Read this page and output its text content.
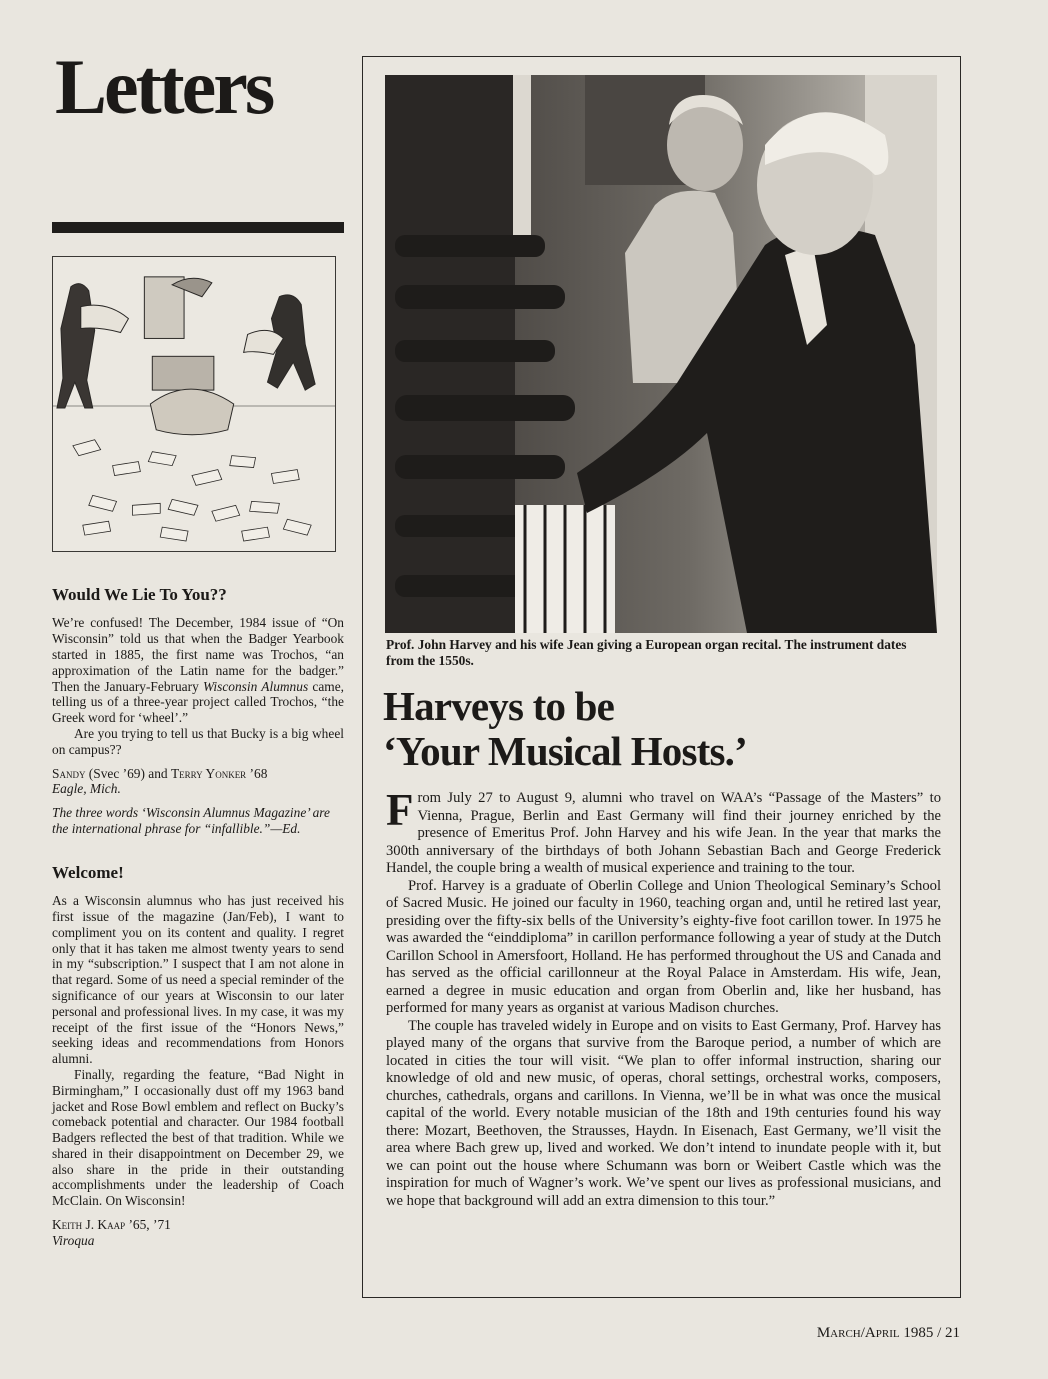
Letters
Would We Lie To You??

We’re confused! The December, 1984 issue of “On Wisconsin” told us that when the Badger Yearbook started in 1885, the first name was Trochos, “an approximation of the Latin name for the badger.” Then the January-February Wisconsin Alumnus came, telling us of a three-year project called Trochos, “the Greek word for ‘wheel’.”

Are you trying to tell us that Bucky is a big wheel on campus??

Sandy (Svec ’69) and Terry Yonker ’68

Eagle, Mich.

The three words ‘Wisconsin Alumnus Magazine’ are the international phrase for “infallible.”—Ed.

Welcome!

As a Wisconsin alumnus who has just received his first issue of the magazine (Jan/Feb), I want to compliment you on its content and quality. I regret only that it has taken me almost twenty years to send in my “subscription.” I suspect that I am not alone in that regard. Some of us need a special reminder of the significance of our years at Wisconsin to our later personal and professional lives. In my case, it was my receipt of the first issue of the “Honors News,” seeking ideas and recommendations from Honors alumni.

Finally, regarding the feature, “Bad Night in Birmingham,” I occasionally dust off my 1963 band jacket and Rose Bowl emblem and reflect on Bucky’s comeback potential and character. Our 1984 football Badgers reflected the best of that tradition. While we shared in their disappointment on December 29, we also share in the pride in their outstanding accomplishments under the leadership of Coach McClain. On Wisconsin!

Keith J. Kaap ’65, ’71

Viroqua

Prof. John Harvey and his wife Jean giving a European organ recital. The instrument dates from the 1550s.

Harveys to be
‘Your Musical Hosts.’

From July 27 to August 9, alumni who travel on WAA’s “Passage of the Masters” to Vienna, Prague, Berlin and East Germany will find their journey enriched by the presence of Emeritus Prof. John Harvey and his wife Jean. In the year that marks the 300th anniversary of the birthdays of both Johann Sebastian Bach and George Frederick Handel, the couple bring a wealth of musical experience and training to the tour.

Prof. Harvey is a graduate of Oberlin College and Union Theological Seminary’s School of Sacred Music. He joined our faculty in 1960, teaching organ and, until he retired last year, presiding over the fifty-six bells of the University’s eighty-five foot carillon tower. In 1975 he was awarded the “einddiploma” in carillon performance following a year of study at the Dutch Carillon School in Amersfoort, Holland. He has performed throughout the US and Canada and has served as the official carillonneur at the Royal Palace in Amsterdam. His wife, Jean, earned a degree in music education and organ from Oberlin and, like her husband, has performed for many years as organist at various Madison churches.

The couple has traveled widely in Europe and on visits to East Germany, Prof. Harvey has played many of the organs that survive from the Baroque period, a number of which are located in cities the tour will visit. “We plan to offer informal instruction, sharing our knowledge of old and new music, of operas, choral settings, orchestral works, composers, churches, cathedrals, organs and carillons. In Vienna, we’ll be in what was once the musical capital of the world. Every notable musician of the 18th and 19th centuries found his way there: Mozart, Beethoven, the Strausses, Haydn. In Eisenach, East Germany, we’ll visit the area where Bach grew up, lived and worked. We don’t intend to inundate people with it, but we can point out the house where Schumann was born or Weibert Castle which was the inspiration for much of Wagner’s work. We’ve spent our lives as professional musicians, and we hope that background will add an extra dimension to this tour.”

March/April 1985 / 21
